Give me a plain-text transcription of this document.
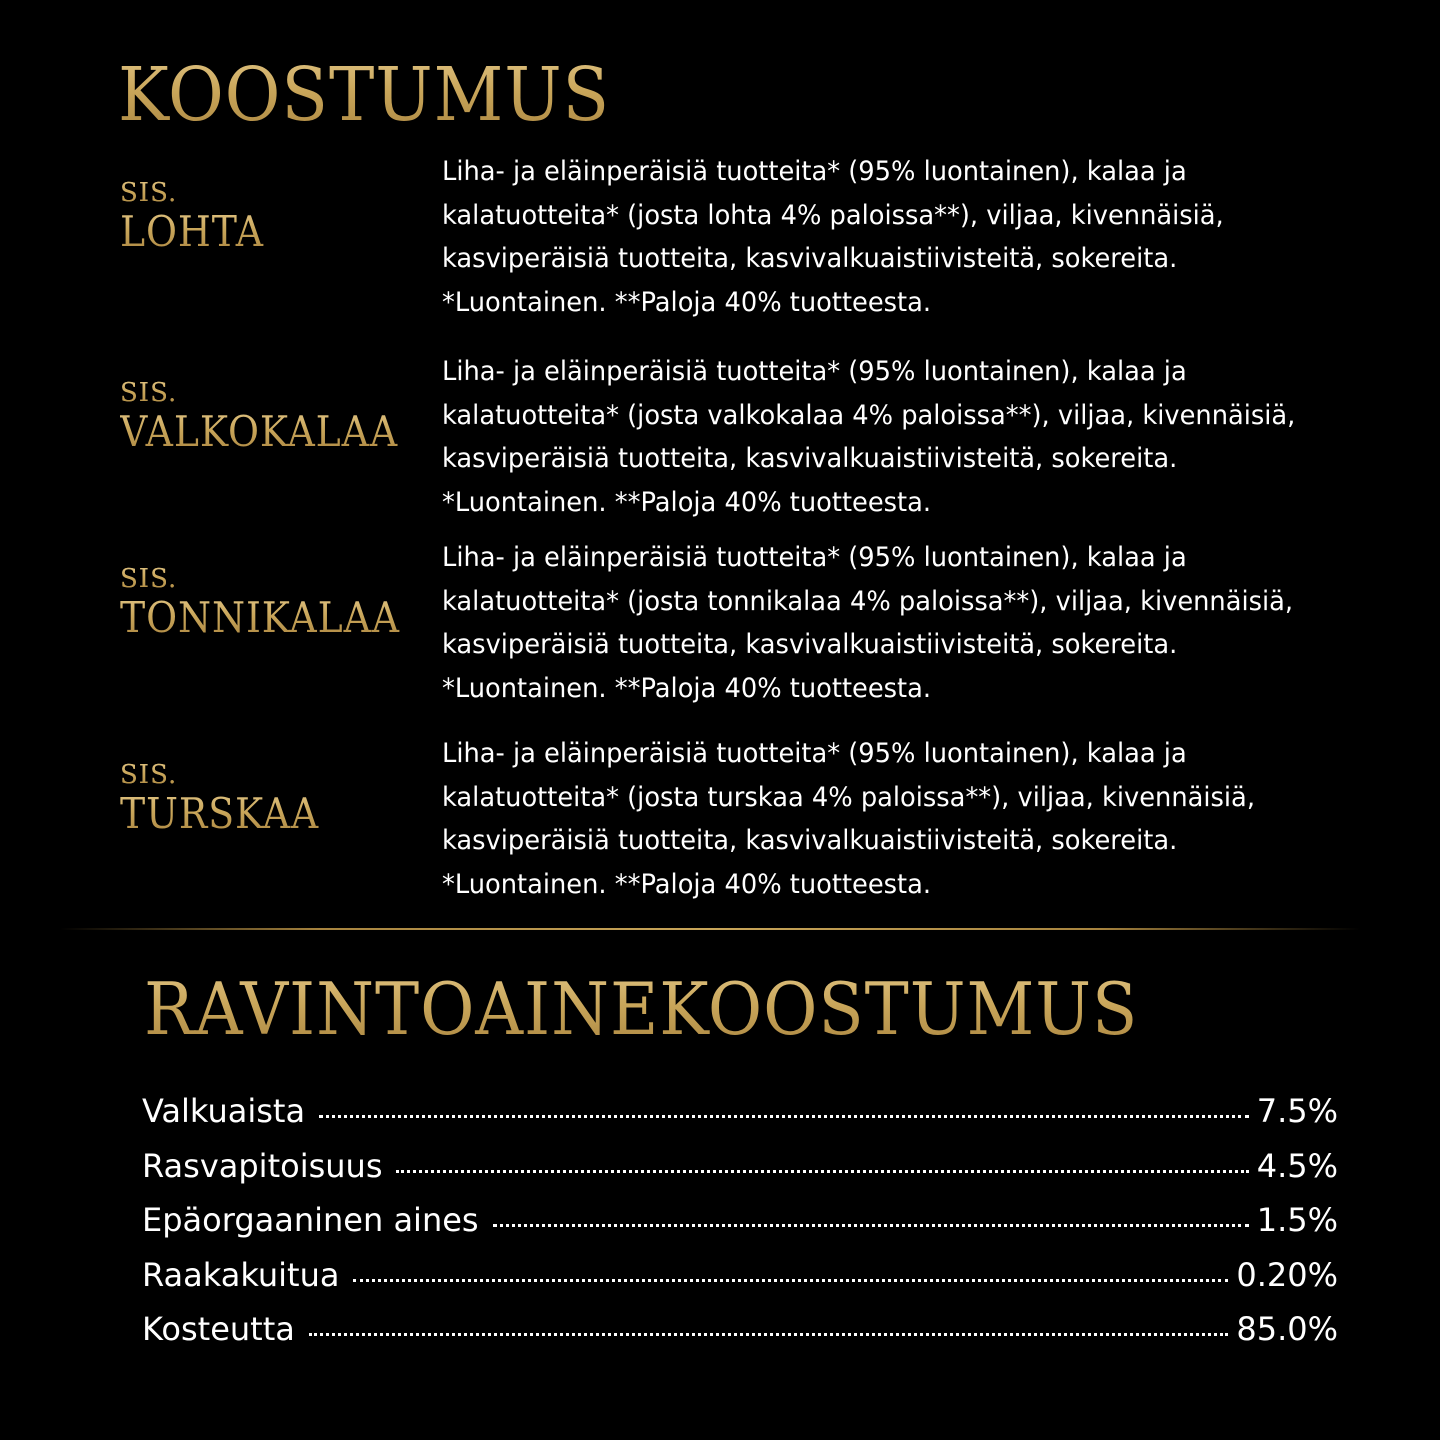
KOOSTUMUS
SIS.
LOHTA

Liha- ja eläinperäisiä tuotteita* (95% luontainen), kalaa ja
kalatuotteita* (josta lohta 4% paloissa**), viljaa, kivennäisiä,
kasviperäisiä tuotteita, kasvivalkuaistiivisteitä, sokereita.
*Luontainen. **Paloja 40% tuotteesta.

SIS.
VALKOKALAA

Liha- ja eläinperäisiä tuotteita* (95% luontainen), kalaa ja
kalatuotteita* (josta valkokalaa 4% paloissa**), viljaa, kivennäisiä,
kasviperäisiä tuotteita, kasvivalkuaistiivisteitä, sokereita.
*Luontainen. **Paloja 40% tuotteesta.

SIS.
TONNIKALAA

Liha- ja eläinperäisiä tuotteita* (95% luontainen), kalaa ja
kalatuotteita* (josta tonnikalaa 4% paloissa**), viljaa, kivennäisiä,
kasviperäisiä tuotteita, kasvivalkuaistiivisteitä, sokereita.
*Luontainen. **Paloja 40% tuotteesta.

SIS.
TURSKAA

Liha- ja eläinperäisiä tuotteita* (95% luontainen), kalaa ja
kalatuotteita* (josta turskaa 4% paloissa**), viljaa, kivennäisiä,
kasviperäisiä tuotteita, kasvivalkuaistiivisteitä, sokereita.
*Luontainen. **Paloja 40% tuotteesta.

RAVINTOAINEKOOSTUMUS
Valkuaista	7.5%
Rasvapitoisuus	4.5%
Epäorgaaninen aines	1.5%
Raakakuitua	0.20%
Kosteutta	85.0%
